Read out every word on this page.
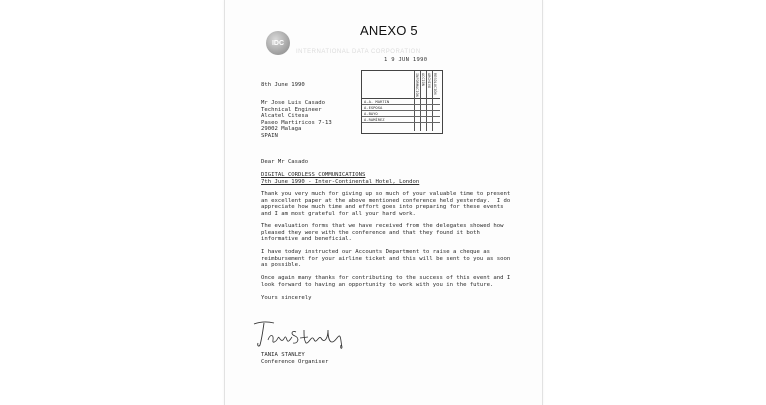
ANEXO 5
IDC
INTERNATIONAL DATA CORPORATION
1 9 JUN 1990
INFORMACIÓN ACCIÓN ARCHIVO RESOLUCIÓN
A.A. MARTIN
A.ESPOSA
A.BAYO
A.RAMÍREZ
8th June 1990
Mr Jose Luis Casado
Technical Engineer
Alcatel Citesa
Paseo Martiricos 7-13
29002 Malaga
SPAIN
Dear Mr Casado
DIGITAL CORDLESS COMMUNICATIONS
7th June 1990 - Inter-Continental Hotel, London
Thank you very much for giving up so much of your valuable time to present
an excellent paper at the above mentioned conference held yesterday.  I do
appreciate how much time and effort goes into preparing for these events
and I am most grateful for all your hard work.
The evaluation forms that we have received from the delegates showed how
pleased they were with the conference and that they found it both
informative and beneficial.
I have today instructed our Accounts Department to raise a cheque as
reimbursement for your airline ticket and this will be sent to you as soon
as possible.
Once again many thanks for contributing to the success of this event and I
look forward to having an opportunity to work with you in the future.
Yours sincerely
TANIA STANLEY
Conference Organiser
